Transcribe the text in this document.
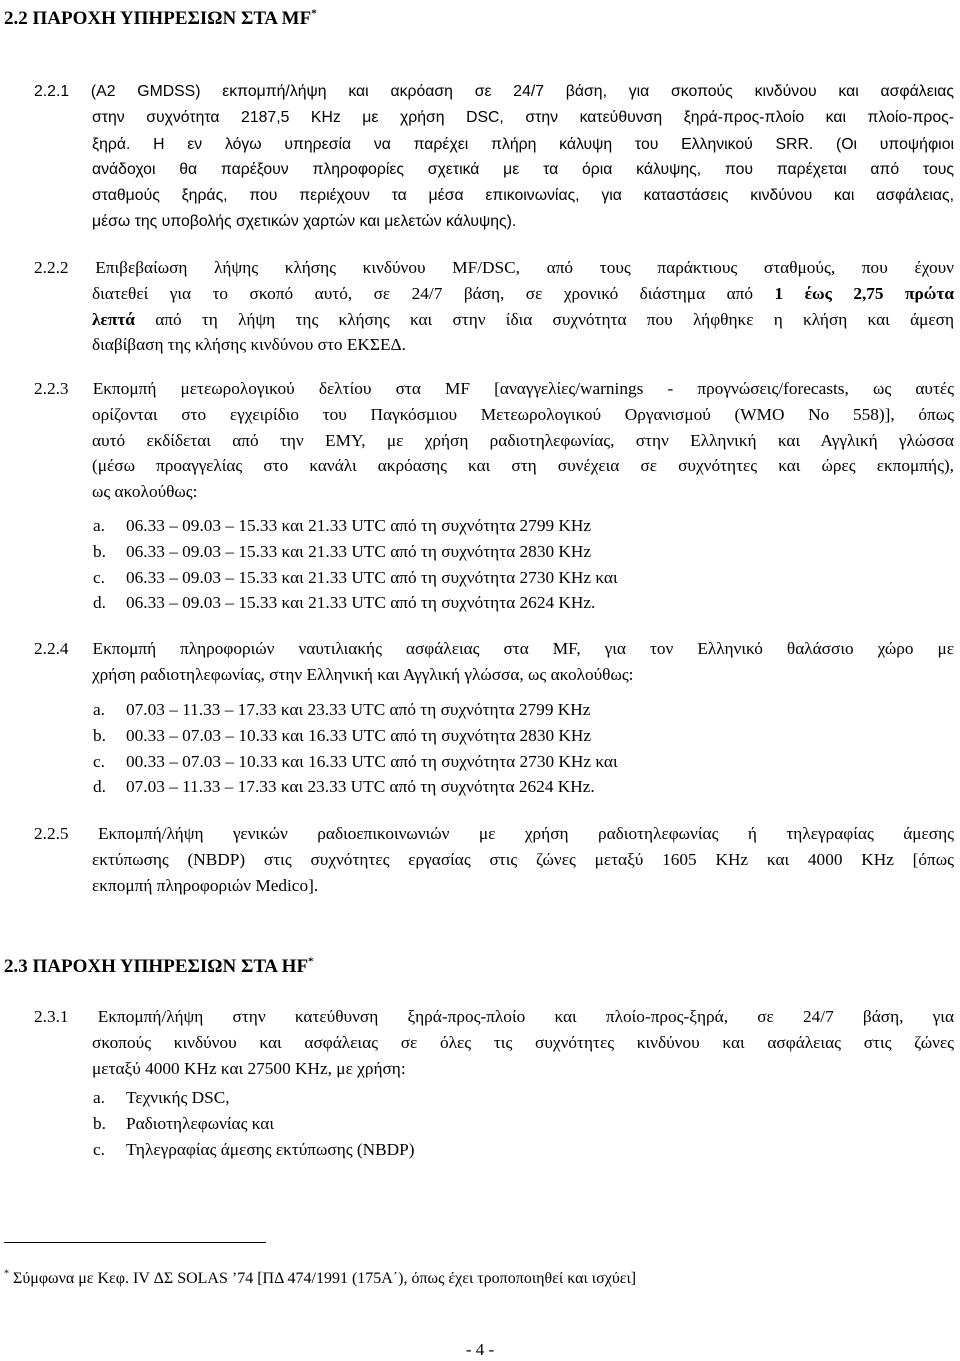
2.2 ΠΑΡΟΧΗ ΥΠΗΡΕΣΙΩΝ ΣΤΑ MF*
2.2.1 (Α2 GMDSS) εκπομπή/λήψη και ακρόαση σε 24/7 βάση, για σκοπούς κινδύνου και ασφάλειας
στην συχνότητα 2187,5 KHz με χρήση DSC, στην κατεύθυνση ξηρά-προς-πλοίο και πλοίο-προς-
ξηρά. Η εν λόγω υπηρεσία να παρέχει πλήρη κάλυψη του Ελληνικού SRR. (Οι υποψήφιοι
ανάδοχοι θα παρέξουν πληροφορίες σχετικά με τα όρια κάλυψης, που παρέχεται από τους
σταθμούς ξηράς, που περιέχουν τα μέσα επικοινωνίας, για καταστάσεις κινδύνου και ασφάλειας,
μέσω της υποβολής σχετικών χαρτών και μελετών κάλυψης).
2.2.2 Επιβεβαίωση λήψης κλήσης κινδύνου MF/DSC, από τους παράκτιους σταθμούς, που έχουν
διατεθεί για το σκοπό αυτό, σε 24/7 βάση, σε χρονικό διάστημα από 1 έως 2,75 πρώτα
λεπτά από τη λήψη της κλήσης και στην ίδια συχνότητα που λήφθηκε η κλήση και άμεση
διαβίβαση της κλήσης κινδύνου στο ΕΚΣΕΔ.
2.2.3 Εκπομπή μετεωρολογικού δελτίου στα MF [αναγγελίες/warnings - προγνώσεις/forecasts, ως αυτές
ορίζονται στο εγχειρίδιο του Παγκόσμιου Μετεωρολογικού Οργανισμού (WMO No 558)], όπως
αυτό εκδίδεται από την ΕΜΥ, με χρήση ραδιοτηλεφωνίας, στην Ελληνική και Αγγλική γλώσσα
(μέσω προαγγελίας στο κανάλι ακρόασης και στη συνέχεια σε συχνότητες και ώρες εκπομπής),
ως ακολούθως:
a. 06.33 – 09.03 – 15.33 και 21.33 UTC από τη συχνότητα 2799 KHz
b. 06.33 – 09.03 – 15.33 και 21.33 UTC από τη συχνότητα 2830 KHz
c. 06.33 – 09.03 – 15.33 και 21.33 UTC από τη συχνότητα 2730 KHz και
d. 06.33 – 09.03 – 15.33 και 21.33 UTC από τη συχνότητα 2624 KHz.
2.2.4 Εκπομπή πληροφοριών ναυτιλιακής ασφάλειας στα MF, για τον Ελληνικό θαλάσσιο χώρο με
χρήση ραδιοτηλεφωνίας, στην Ελληνική και Αγγλική γλώσσα, ως ακολούθως:
a. 07.03 – 11.33 – 17.33 και 23.33 UTC από τη συχνότητα 2799 KHz
b. 00.33 – 07.03 – 10.33 και 16.33 UTC από τη συχνότητα 2830 KHz
c. 00.33 – 07.03 – 10.33 και 16.33 UTC από τη συχνότητα 2730 KHz και
d. 07.03 – 11.33 – 17.33 και 23.33 UTC από τη συχνότητα 2624 KHz.
2.2.5 Εκπομπή/λήψη γενικών ραδιοεπικοινωνιών με χρήση ραδιοτηλεφωνίας ή τηλεγραφίας άμεσης
εκτύπωσης (NBDP) στις συχνότητες εργασίας στις ζώνες μεταξύ 1605 KHz και 4000 KHz [όπως
εκπομπή πληροφοριών Medico].
2.3 ΠΑΡΟΧΗ ΥΠΗΡΕΣΙΩΝ ΣΤΑ HF*
2.3.1 Εκπομπή/λήψη στην κατεύθυνση ξηρά-προς-πλοίο και πλοίο-προς-ξηρά, σε 24/7 βάση, για
σκοπούς κινδύνου και ασφάλειας σε όλες τις συχνότητες κινδύνου και ασφάλειας στις ζώνες
μεταξύ 4000 KHz και 27500 KHz, με χρήση:
a. Τεχνικής DSC,
b. Ραδιοτηλεφωνίας και
c. Τηλεγραφίας άμεσης εκτύπωσης (NBDP)
* Σύμφωνα με Κεφ. IV ΔΣ SOLAS ’74 [ΠΔ 474/1991 (175Α΄), όπως έχει τροποποιηθεί και ισχύει]
- 4 -
